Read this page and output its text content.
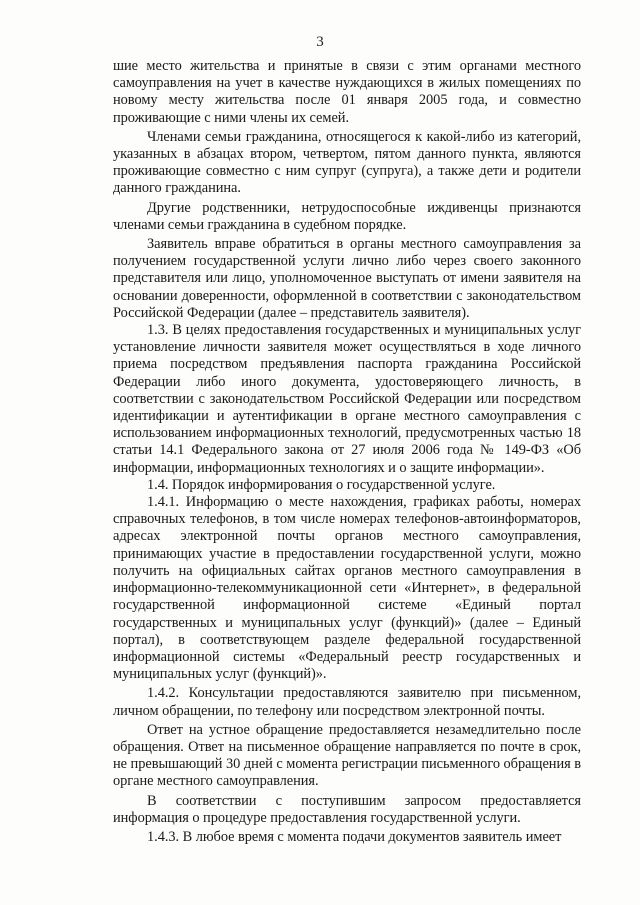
3

шие место жительства и принятые в связи с этим органами местного самоуправления на учет в качестве нуждающихся в жилых помещениях по новому месту жительства после 01 января 2005 года, и совместно проживающие с ними члены их семей.

Членами семьи гражданина, относящегося к какой-либо из категорий, указанных в абзацах втором, четвертом, пятом данного пункта, являются проживающие совместно с ним супруг (супруга), а также дети и родители данного гражданина.

Другие родственники, нетрудоспособные иждивенцы признаются членами семьи гражданина в судебном порядке.

Заявитель вправе обратиться в органы местного самоуправления за получением государственной услуги лично либо через своего законного представителя или лицо, уполномоченное выступать от имени заявителя на основании доверенности, оформленной в соответствии с законодательством Российской Федерации (далее – представитель заявителя).

1.3. В целях предоставления государственных и муниципальных услуг установление личности заявителя может осуществляться в ходе личного приема посредством предъявления паспорта гражданина Российской Федерации либо иного документа, удостоверяющего личность, в соответствии с законодательством Российской Федерации или посредством идентификации и аутентификации в органе местного самоуправления с использованием информационных технологий, предусмотренных частью 18 статьи 14.1 Федерального закона от 27 июля 2006 года № 149-ФЗ «Об информации, информационных технологиях и о защите информации».

1.4. Порядок информирования о государственной услуге.

1.4.1. Информацию о месте нахождения, графиках работы, номерах справочных телефонов, в том числе номерах телефонов-автоинформаторов, адресах электронной почты органов местного самоуправления, принимающих участие в предоставлении государственной услуги, можно получить на официальных сайтах органов местного самоуправления в информационно-телекоммуникационной сети «Интернет», в федеральной государственной информационной системе «Единый портал государственных и муниципальных услуг (функций)» (далее – Единый портал), в соответствующем разделе федеральной государственной информационной системы «Федеральный реестр государственных и муниципальных услуг (функций)».

1.4.2. Консультации предоставляются заявителю при письменном, личном обращении, по телефону или посредством электронной почты.

Ответ на устное обращение предоставляется незамедлительно после обращения. Ответ на письменное обращение направляется по почте в срок, не превышающий 30 дней с момента регистрации письменного обращения в органе местного самоуправления.

В соответствии с поступившим запросом предоставляется информация о процедуре предоставления государственной услуги.

1.4.3. В любое время с момента подачи документов заявитель имеет
